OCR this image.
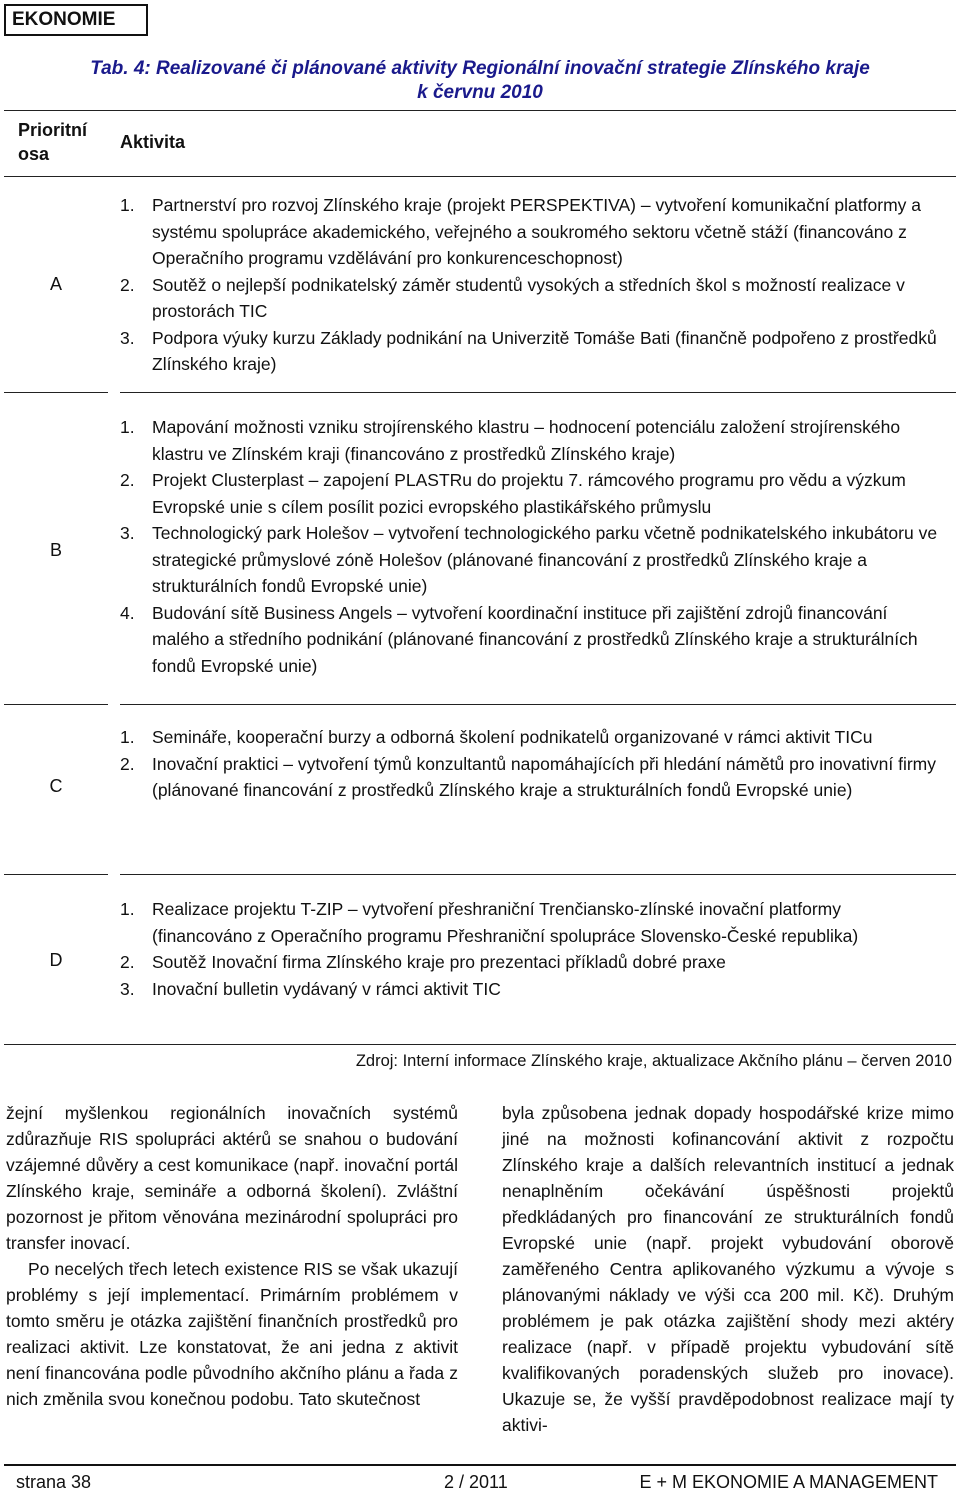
EKONOMIE
Tab. 4: Realizované či plánované aktivity Regionální inovační strategie Zlínského kraje
k červnu 2010
Prioritní osa
Aktivita
A
1. Partnerství pro rozvoj Zlínského kraje (projekt PERSPEKTIVA) – vytvoření komunikační platformy a systému spolupráce akademického, veřejného a soukromého sektoru včetně stáží (financováno z Operačního programu vzdělávání pro konkurenceschopnost)
2. Soutěž o nejlepší podnikatelský záměr studentů vysokých a středních škol s možností realizace v prostorách TIC
3. Podpora výuky kurzu Základy podnikání na Univerzitě Tomáše Bati (finančně podpořeno z prostředků Zlínského kraje)
B
1. Mapování možnosti vzniku strojírenského klastru – hodnocení potenciálu založení strojírenského klastru ve Zlínském kraji (financováno z prostředků Zlínského kraje)
2. Projekt Clusterplast – zapojení PLASTRu do projektu 7. rámcového programu pro vědu a výzkum Evropské unie s cílem posílit pozici evropského plastikářského průmyslu
3. Technologický park Holešov – vytvoření technologického parku včetně podnikatelského inkubátoru ve strategické průmyslové zóně Holešov (plánované financování z prostředků Zlínského kraje a strukturálních fondů Evropské unie)
4. Budování sítě Business Angels – vytvoření koordinační instituce při zajištění zdrojů financování malého a středního podnikání (plánované financování z prostředků Zlínského kraje a strukturálních fondů Evropské unie)
C
1. Semináře, kooperační burzy a odborná školení podnikatelů organizované v rámci aktivit TICu
2. Inovační praktici – vytvoření týmů konzultantů napomáhajících při hledání námětů pro inovativní firmy (plánované financování z prostředků Zlínského kraje a strukturálních fondů Evropské unie)
D
1. Realizace projektu T-ZIP – vytvoření přeshraniční Trenčiansko-zlínské inovační platformy (financováno z Operačního programu Přeshraniční spolupráce Slovensko-České republika)
2. Soutěž Inovační firma Zlínského kraje pro prezentaci příkladů dobré praxe
3. Inovační bulletin vydávaný v rámci aktivit TIC
Zdroj: Interní informace Zlínského kraje, aktualizace Akčního plánu – červen 2010

žejní myšlenkou regionálních inovačních systémů zdůrazňuje RIS spolupráci aktérů se snahou o budování vzájemné důvěry a cest komunikace (např. inovační portál Zlínského kraje, semináře a odborná školení). Zvláštní pozornost je přitom věnována mezinárodní spolupráci pro transfer inovací.

Po necelých třech letech existence RIS se však ukazují problémy s její implementací. Primárním problémem v tomto směru je otázka zajištění finančních prostředků pro realizaci aktivit. Lze konstatovat, že ani jedna z aktivit není financována podle původního akčního plánu a řada z nich změnila svou konečnou podobu. Tato skutečnost

byla způsobena jednak dopady hospodářské krize mimo jiné na možnosti kofinancování aktivit z rozpočtu Zlínského kraje a dalších relevantních institucí a jednak nenaplněním očekávání úspěšnosti projektů předkládaných pro financování ze strukturálních fondů Evropské unie (např. projekt vybudování oborově zaměřeného Centra aplikovaného výzkumu a vývoje s plánovanými náklady ve výši cca 200 mil. Kč). Druhým problémem je pak otázka zajištění shody mezi aktéry realizace (např. v případě projektu vybudování sítě kvalifikovaných poradenských služeb pro inovace). Ukazuje se, že vyšší pravděpodobnost realizace mají ty aktivi-

strana 38	2 / 2011	E + M EKONOMIE A MANAGEMENT
